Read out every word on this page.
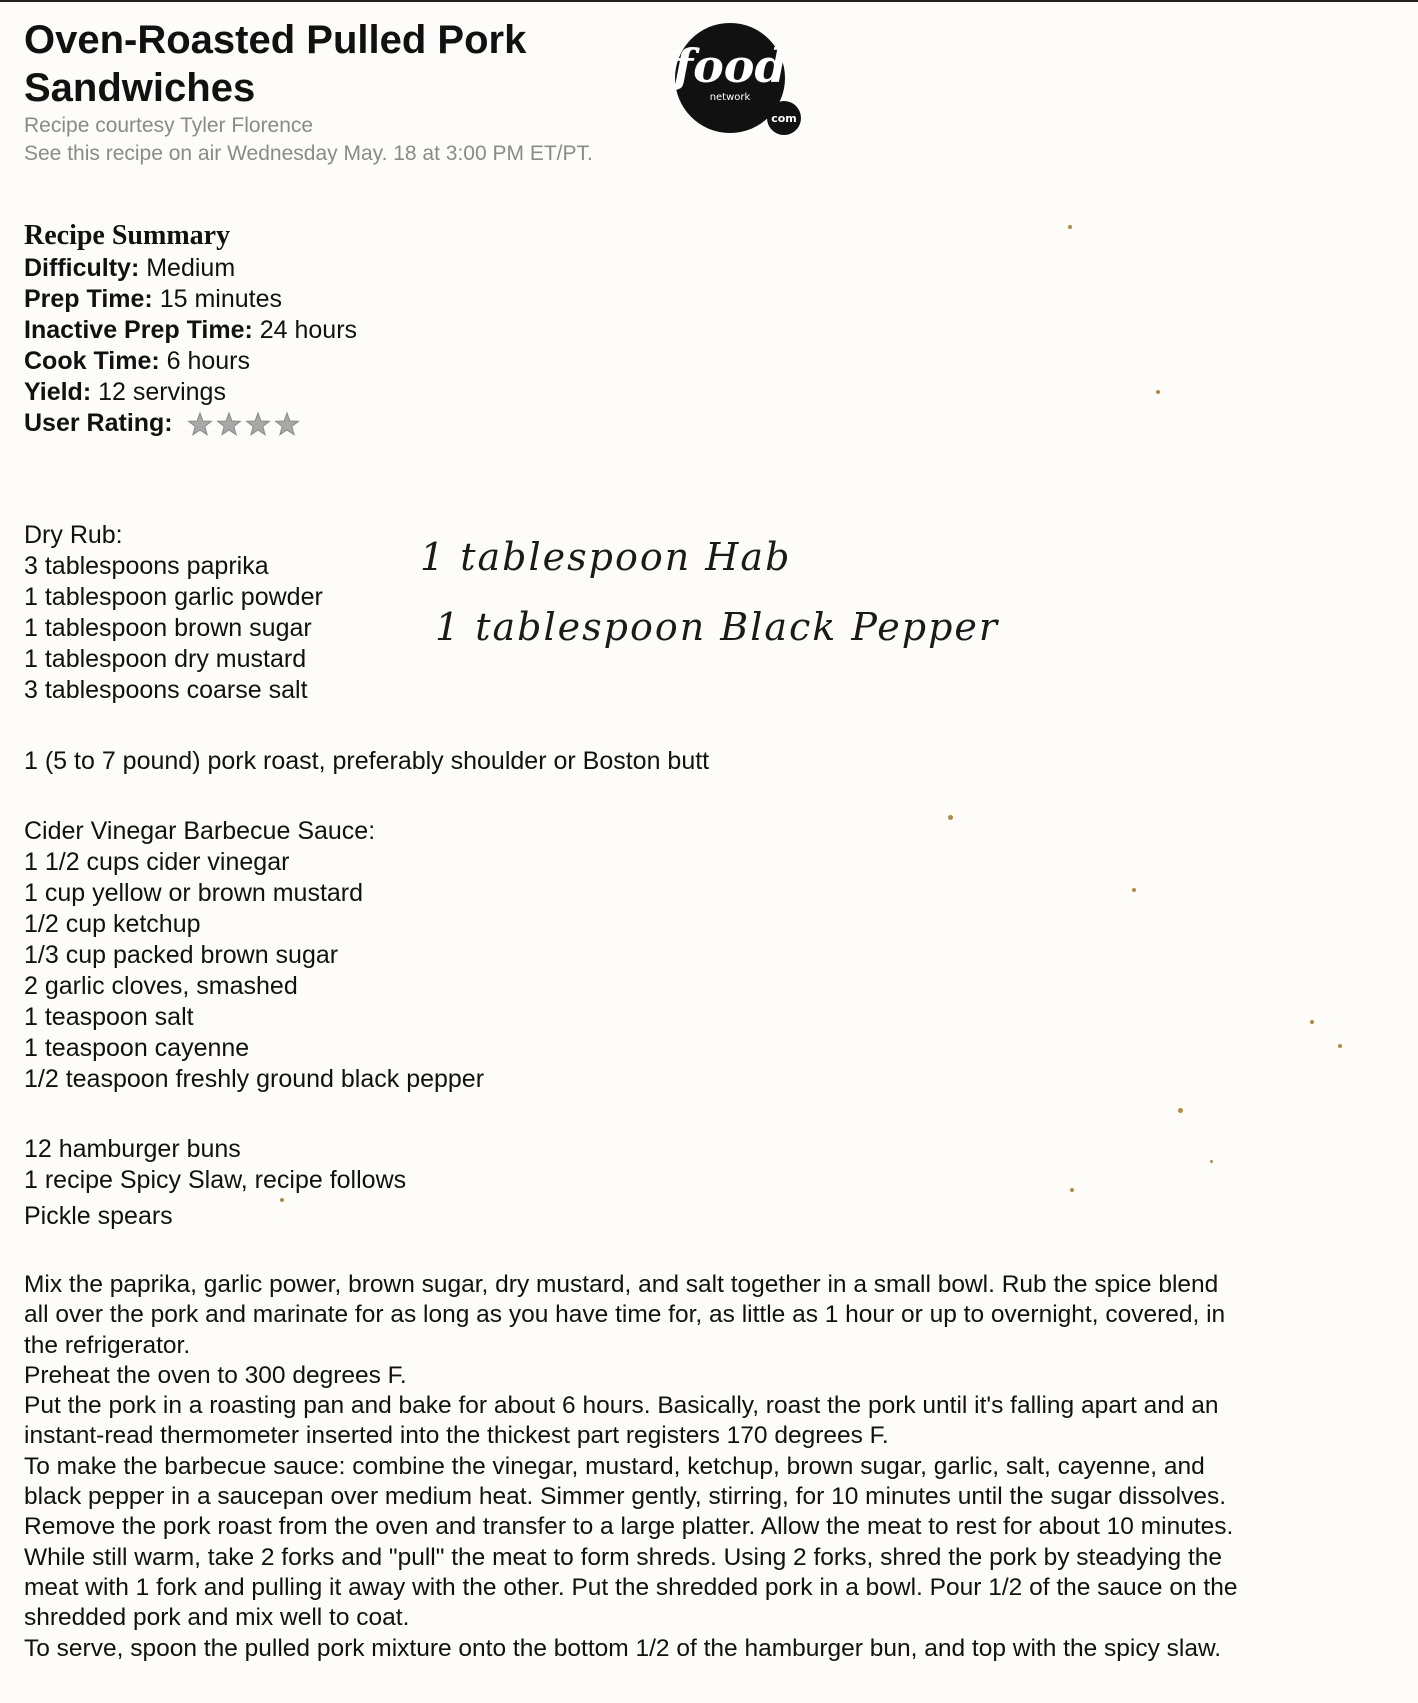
Oven-Roasted Pulled Pork
Sandwiches
Recipe courtesy Tyler Florence
See this recipe on air Wednesday May. 18 at 3:00 PM ET/PT.
food
network
com
Recipe Summary
Difficulty: Medium
Prep Time: 15 minutes
Inactive Prep Time: 24 hours
Cook Time: 6 hours
Yield: 12 servings
User Rating:
Dry Rub:
3 tablespoons paprika
1 tablespoon garlic powder
1 tablespoon brown sugar
1 tablespoon dry mustard
3 tablespoons coarse salt
1 tablespoon Hab
1 tablespoon Black Pepper
1 (5 to 7 pound) pork roast, preferably shoulder or Boston butt
Cider Vinegar Barbecue Sauce:
1 1/2 cups cider vinegar
1 cup yellow or brown mustard
1/2 cup ketchup
1/3 cup packed brown sugar
2 garlic cloves, smashed
1 teaspoon salt
1 teaspoon cayenne
1/2 teaspoon freshly ground black pepper
12 hamburger buns
1 recipe Spicy Slaw, recipe follows
Pickle spears
Mix the paprika, garlic power, brown sugar, dry mustard, and salt together in a small bowl. Rub the spice blend
all over the pork and marinate for as long as you have time for, as little as 1 hour or up to overnight, covered, in
the refrigerator.
Preheat the oven to 300 degrees F.
Put the pork in a roasting pan and bake for about 6 hours. Basically, roast the pork until it's falling apart and an
instant-read thermometer inserted into the thickest part registers 170 degrees F.
To make the barbecue sauce: combine the vinegar, mustard, ketchup, brown sugar, garlic, salt, cayenne, and
black pepper in a saucepan over medium heat. Simmer gently, stirring, for 10 minutes until the sugar dissolves.
Remove the pork roast from the oven and transfer to a large platter. Allow the meat to rest for about 10 minutes.
While still warm, take 2 forks and "pull" the meat to form shreds. Using 2 forks, shred the pork by steadying the
meat with 1 fork and pulling it away with the other. Put the shredded pork in a bowl. Pour 1/2 of the sauce on the
shredded pork and mix well to coat.
To serve, spoon the pulled pork mixture onto the bottom 1/2 of the hamburger bun, and top with the spicy slaw.
